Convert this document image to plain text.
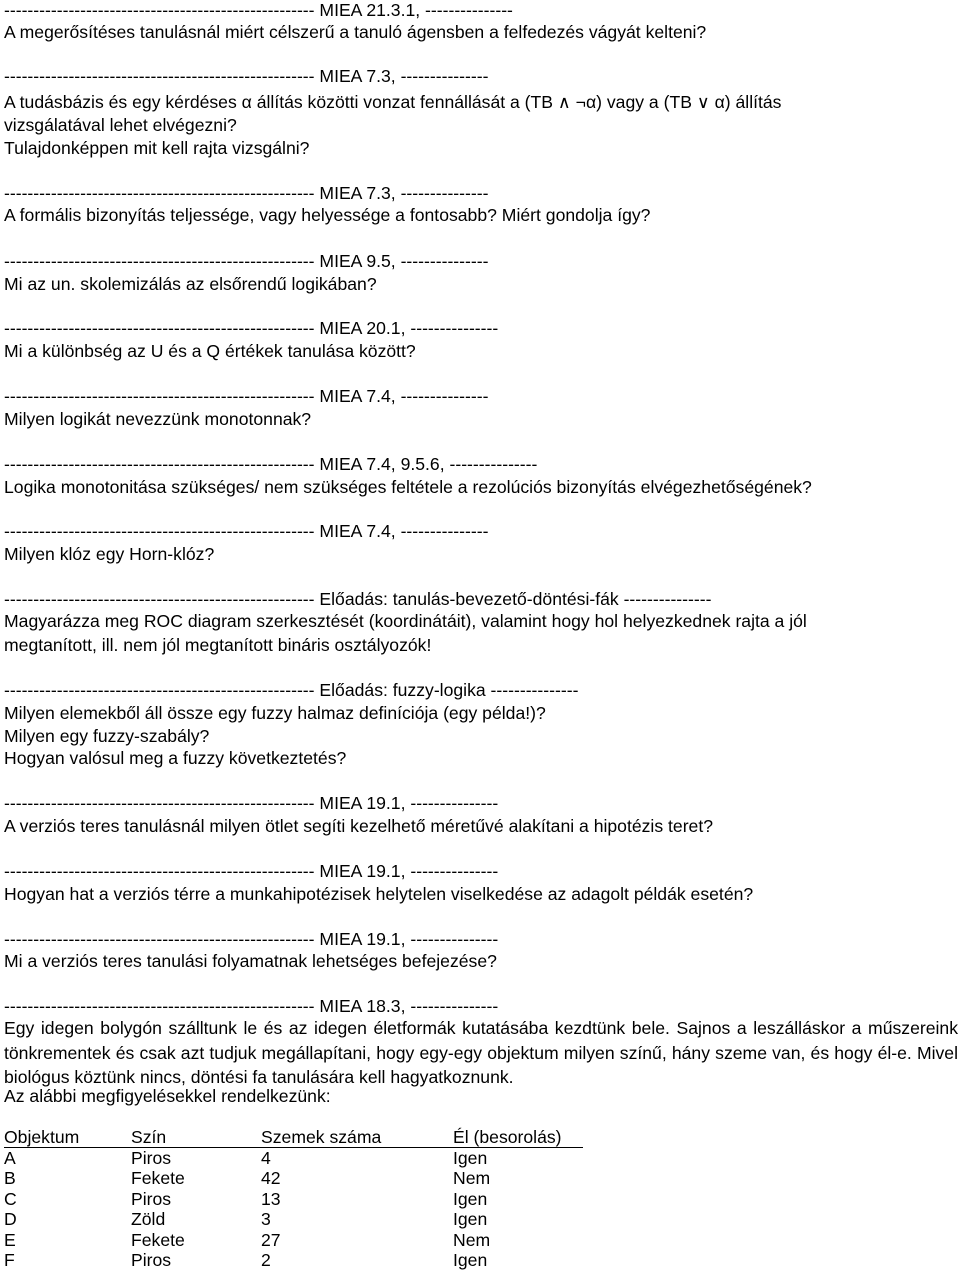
----------------------------------------------------- MIEA 21.3.1, ---------------
A megerősítéses tanulásnál miért célszerű a tanuló ágensben a felfedezés vágyát kelteni?
----------------------------------------------------- MIEA 7.3, ---------------
A tudásbázis és egy kérdéses α állítás közötti vonzat fennállását a (TB ∧ ¬α) vagy a (TB ∨ α) állítás
vizsgálatával lehet elvégezni?
Tulajdonképpen mit kell rajta vizsgálni?
----------------------------------------------------- MIEA 7.3, ---------------
A formális bizonyítás teljessége, vagy helyessége a fontosabb? Miért gondolja így?
----------------------------------------------------- MIEA 9.5, ---------------
Mi az un. skolemizálás az elsőrendű logikában?
----------------------------------------------------- MIEA 20.1, ---------------
Mi a különbség az U és a Q értékek tanulása között?
----------------------------------------------------- MIEA 7.4, ---------------
Milyen logikát nevezzünk monotonnak?
----------------------------------------------------- MIEA 7.4, 9.5.6, ---------------
Logika monotonitása szükséges/ nem szükséges feltétele a rezolúciós bizonyítás elvégezhetőségének?
----------------------------------------------------- MIEA 7.4, ---------------
Milyen klóz egy Horn-klóz?
----------------------------------------------------- Előadás: tanulás-bevezető-döntési-fák ---------------
Magyarázza meg ROC diagram szerkesztését (koordinátáit), valamint hogy hol helyezkednek rajta a jól
megtanított, ill. nem jól megtanított bináris osztályozók!
----------------------------------------------------- Előadás: fuzzy-logika ---------------
Milyen elemekből áll össze egy fuzzy halmaz definíciója (egy példa!)?
Milyen egy fuzzy-szabály?
Hogyan valósul meg a fuzzy következtetés?
----------------------------------------------------- MIEA 19.1, ---------------
A verziós teres tanulásnál milyen ötlet segíti kezelhető méretűvé alakítani a hipotézis teret?
----------------------------------------------------- MIEA 19.1, ---------------
Hogyan hat a verziós térre a munkahipotézisek helytelen viselkedése az adagolt példák esetén?
----------------------------------------------------- MIEA 19.1, ---------------
Mi a verziós teres tanulási folyamatnak lehetséges befejezése?
----------------------------------------------------- MIEA 18.3, ---------------
Egy idegen bolygón szálltunk le és az idegen életformák kutatásába kezdtünk bele. Sajnos a leszálláskor a műszereink tönkrementek és csak azt tudjuk megállapítani, hogy egy-egy objektum milyen színű, hány szeme van, és hogy él-e. Mivel biológus köztünk nincs, döntési fa tanulására kell hagyatkoznunk.
Az alábbi megfigyelésekkel rendelkezünk:
Objektum	Szín	Szemek száma	Él (besorolás)
A	Piros	4	Igen
B	Fekete	42	Nem
C	Piros	13	Igen
D	Zöld	3	Igen
E	Fekete	27	Nem
F	Piros	2	Igen
